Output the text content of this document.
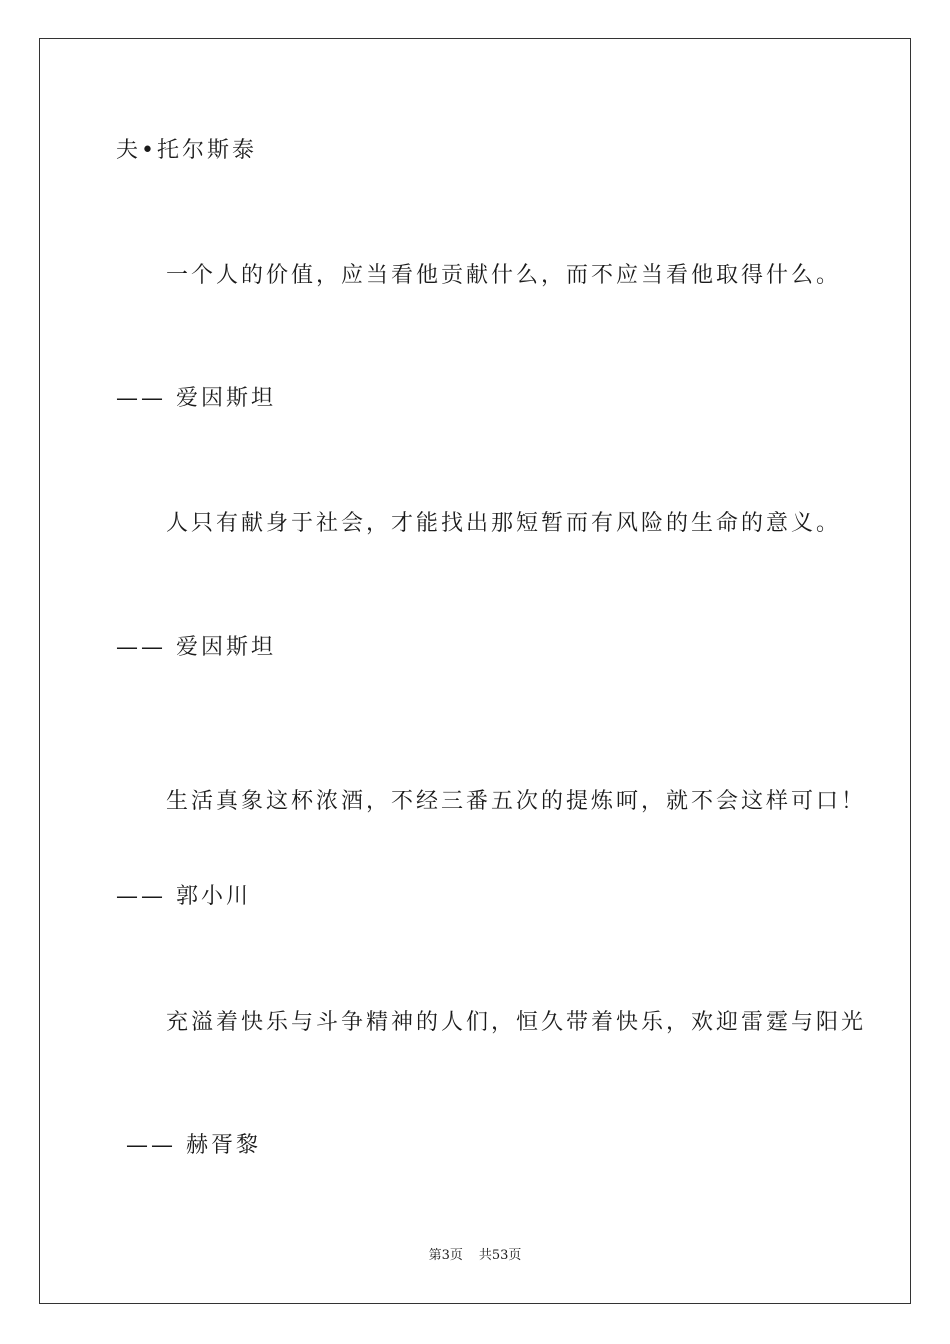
夫•托尔斯泰
一个人的价值，应当看他贡献什么，而不应当看他取得什么。
—— 爱因斯坦
人只有献身于社会，才能找出那短暂而有风险的生命的意义。
—— 爱因斯坦
生活真象这杯浓酒，不经三番五次的提炼呵，就不会这样可口！
—— 郭小川
充溢着快乐与斗争精神的人们，恒久带着快乐，欢迎雷霆与阳光
—— 赫胥黎
第3页 共53页
